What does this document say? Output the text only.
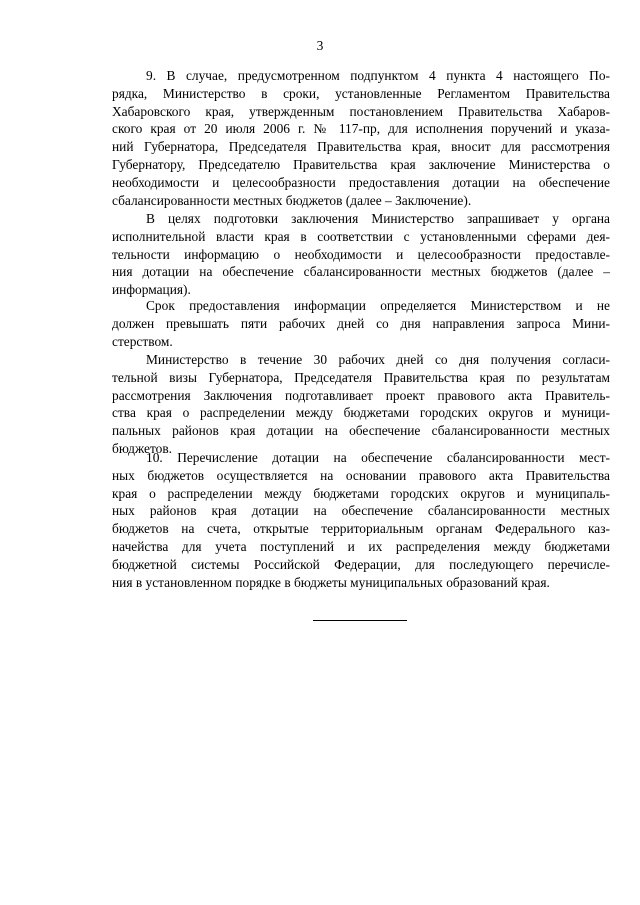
3
9. В случае, предусмотренном подпунктом 4 пункта 4 настоящего По-
рядка, Министерство в сроки, установленные Регламентом Правительства
Хабаровского края, утвержденным постановлением Правительства Хабаров-
ского края от 20 июля 2006 г. № 117-пр, для исполнения поручений и указа-
ний Губернатора, Председателя Правительства края, вносит для рассмотрения
Губернатору, Председателю Правительства края заключение Министерства о
необходимости и целесообразности предоставления дотации на обеспечение
сбалансированности местных бюджетов (далее – Заключение).
В целях подготовки заключения Министерство запрашивает у органа
исполнительной власти края в соответствии с установленными сферами дея-
тельности информацию о необходимости и целесообразности предоставле-
ния дотации на обеспечение сбалансированности местных бюджетов (далее –
информация).
Срок предоставления информации определяется Министерством и не
должен превышать пяти рабочих дней со дня направления запроса Мини-
стерством.
Министерство в течение 30 рабочих дней со дня получения согласи-
тельной визы Губернатора, Председателя Правительства края по результатам
рассмотрения Заключения подготавливает проект правового акта Правитель-
ства края о распределении между бюджетами городских округов и муници-
пальных районов края дотации на обеспечение сбалансированности местных
бюджетов.
10. Перечисление дотации на обеспечение сбалансированности мест-
ных бюджетов осуществляется на основании правового акта Правительства
края о распределении между бюджетами городских округов и муниципаль-
ных районов края дотации на обеспечение сбалансированности местных
бюджетов на счета, открытые территориальным органам Федерального каз-
начейства для учета поступлений и их распределения между бюджетами
бюджетной системы Российской Федерации, для последующего перечисле-
ния в установленном порядке в бюджеты муниципальных образований края.
